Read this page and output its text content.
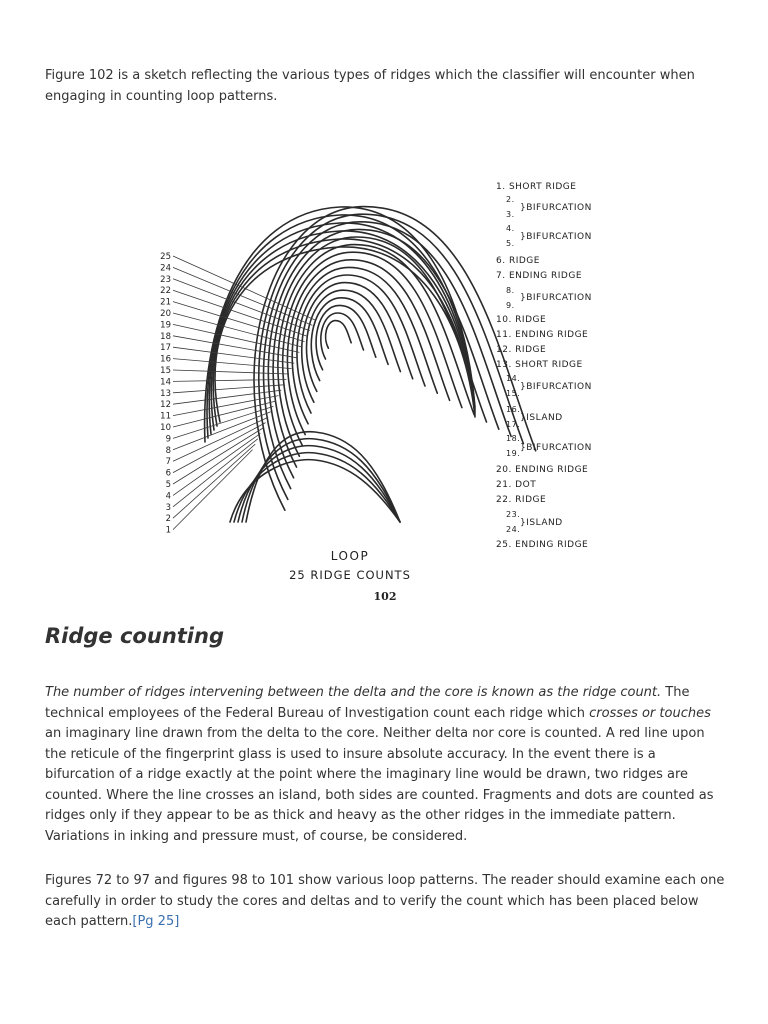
Figure 102 is a sketch reflecting the various types of ridges which the classifier will encounter when engaging in counting loop patterns.

25
24
23
22
21
20
19
18
17
16
15
14
13
12
11
10
9
8
7
6
5
4
3
2
1
1. SHORT RIDGE
2.
3.
}BIFURCATION
4.
5.
}BIFURCATION
6. RIDGE
7. ENDING RIDGE
8.
9.
}BIFURCATION
10. RIDGE
11. ENDING RIDGE
12. RIDGE
13. SHORT RIDGE
14.
15.
}BIFURCATION
16.
17.
}ISLAND
18.
19.
}BIFURCATION
20. ENDING RIDGE
21. DOT
22. RIDGE
23.
24.
}ISLAND
25. ENDING RIDGE
LOOP
25 RIDGE COUNTS
102
Ridge counting

The number of ridges intervening between the delta and the core is known as the ridge count. The technical employees of the Federal Bureau of Investigation count each ridge which crosses or touches an imaginary line drawn from the delta to the core. Neither delta nor core is counted. A red line upon the reticule of the fingerprint glass is used to insure absolute accuracy. In the event there is a bifurcation of a ridge exactly at the point where the imaginary line would be drawn, two ridges are counted. Where the line crosses an island, both sides are counted. Fragments and dots are counted as ridges only if they appear to be as thick and heavy as the other ridges in the immediate pattern. Variations in inking and pressure must, of course, be considered.

Figures 72 to 97 and figures 98 to 101 show various loop patterns. The reader should examine each one carefully in order to study the cores and deltas and to verify the count which has been placed below each pattern.[Pg 25]
